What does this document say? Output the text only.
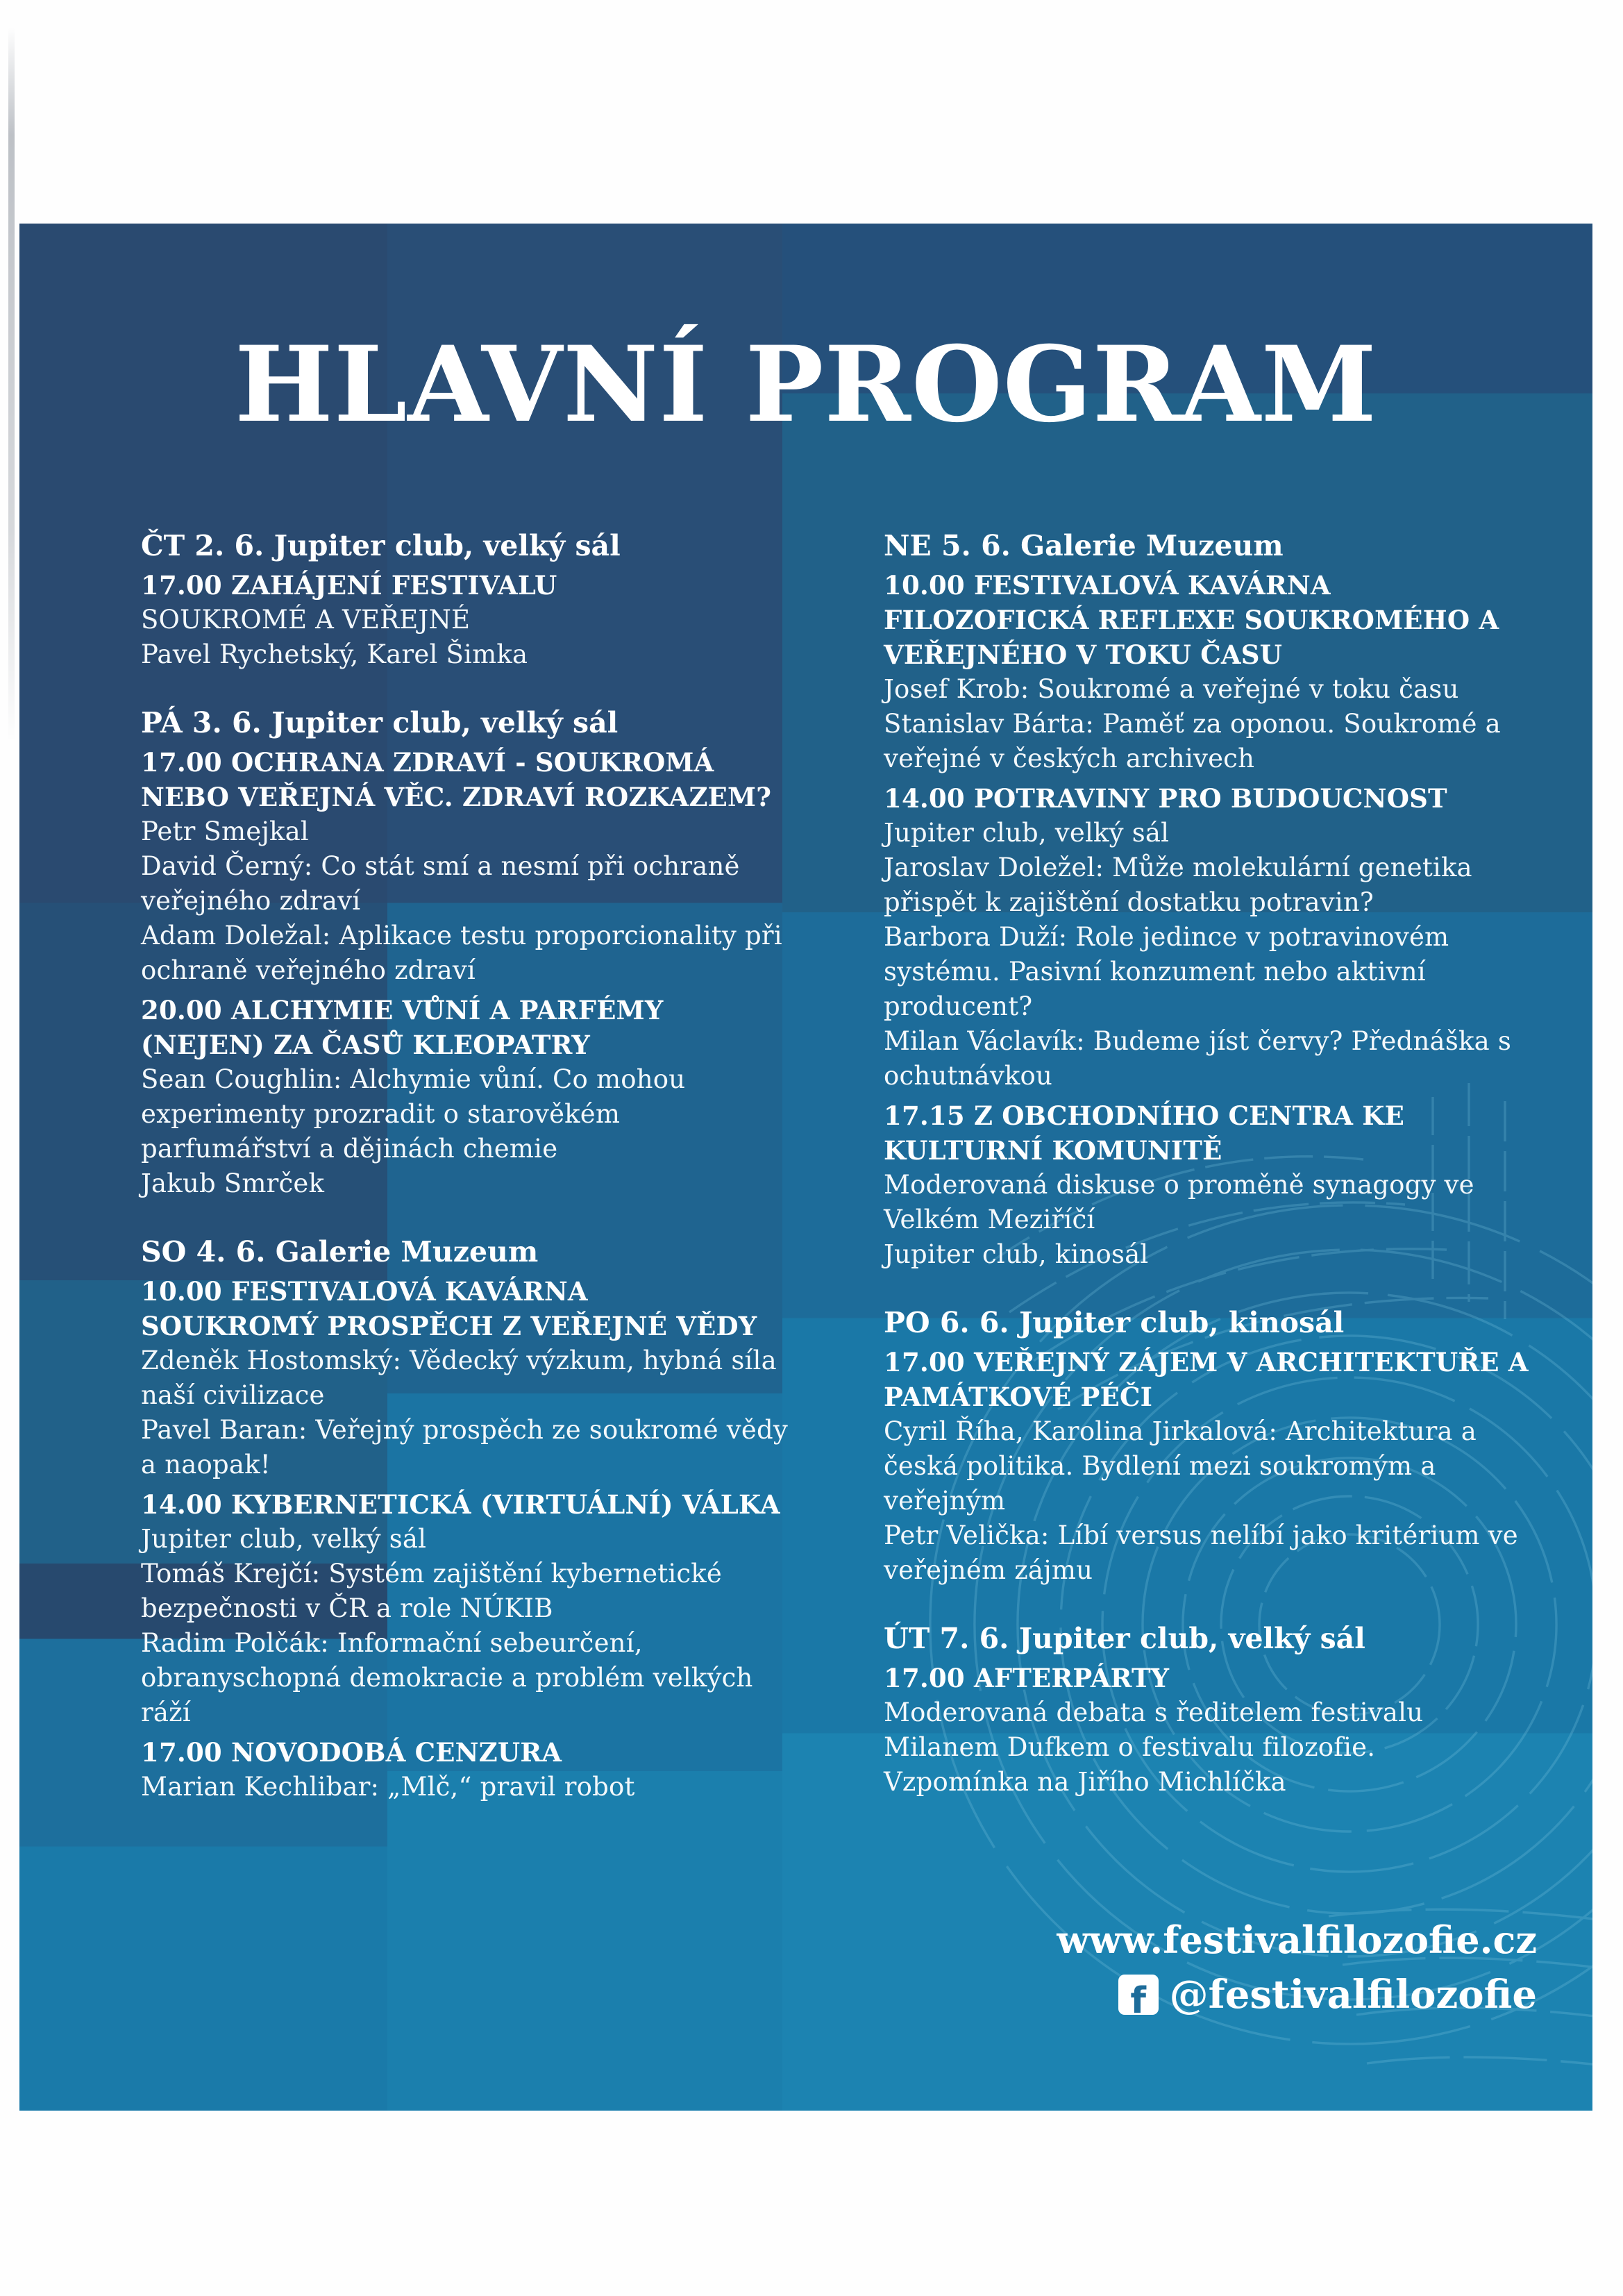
HLAVNÍ PROGRAM

ČT 2. 6. Jupiter club, velký sál

17.00 ZAHÁJENÍ FESTIVALU

SOUKROMÉ A VEŘEJNÉ

Pavel Rychetský, Karel Šimka

PÁ 3. 6. Jupiter club, velký sál

17.00 OCHRANA ZDRAVÍ - SOUKROMÁ NEBO VEŘEJNÁ VĚC. ZDRAVÍ ROZKAZEM?

Petr Smejkal

David Černý: Co stát smí a nesmí při ochraně veřejného zdraví

Adam Doležal: Aplikace testu proporcionality při ochraně veřejného zdraví

20.00 ALCHYMIE VŮNÍ A PARFÉMY (NEJEN) ZA ČASŮ KLEOPATRY

Sean Coughlin: Alchymie vůní. Co mohou experimenty prozradit o starověkém parfumářství a dějinách chemie

Jakub Smrček

SO 4. 6. Galerie Muzeum

10.00 FESTIVALOVÁ KAVÁRNA

SOUKROMÝ PROSPĚCH Z VEŘEJNÉ VĚDY

Zdeněk Hostomský: Vědecký výzkum, hybná síla naší civilizace

Pavel Baran: Veřejný prospěch ze soukromé vědy a naopak!

14.00 KYBERNETICKÁ (VIRTUÁLNÍ) VÁLKA

Jupiter club, velký sál

Tomáš Krejčí: Systém zajištění kybernetické bezpečnosti v ČR a role NÚKIB

Radim Polčák: Informační sebeurčení, obranyschopná demokracie a problém velkých ráží

17.00 NOVODOBÁ CENZURA

Marian Kechlibar: „Mlč,“ pravil robot

NE 5. 6. Galerie Muzeum

10.00 FESTIVALOVÁ KAVÁRNA

FILOZOFICKÁ REFLEXE SOUKROMÉHO A VEŘEJNÉHO V TOKU ČASU

Josef Krob: Soukromé a veřejné v toku času

Stanislav Bárta: Paměť za oponou. Soukromé a veřejné v českých archivech

14.00 POTRAVINY PRO BUDOUCNOST

Jupiter club, velký sál

Jaroslav Doležel: Může molekulární genetika přispět k zajištění dostatku potravin?

Barbora Duží: Role jedince v potravinovém systému. Pasivní konzument nebo aktivní producent?

Milan Václavík: Budeme jíst červy? Přednáška s ochutnávkou

17.15 Z OBCHODNÍHO CENTRA KE KULTURNÍ KOMUNITĚ

Moderovaná diskuse o proměně synagogy ve Velkém Meziříčí

Jupiter club, kinosál

PO 6. 6. Jupiter club, kinosál

17.00 VEŘEJNÝ ZÁJEM V ARCHITEKTUŘE A PAMÁTKOVÉ PÉČI

Cyril Říha, Karolina Jirkalová: Architektura a česká politika. Bydlení mezi soukromým a veřejným

Petr Velička: Líbí versus nelíbí jako kritérium ve veřejném zájmu

ÚT 7. 6. Jupiter club, velký sál

17.00 AFTERPÁRTY

Moderovaná debata s ředitelem festivalu Milanem Dufkem o festivalu filozofie.

Vzpomínka na Jiřího Michlíčka

www.festivalfilozofie.cz

f @festivalfilozofie
